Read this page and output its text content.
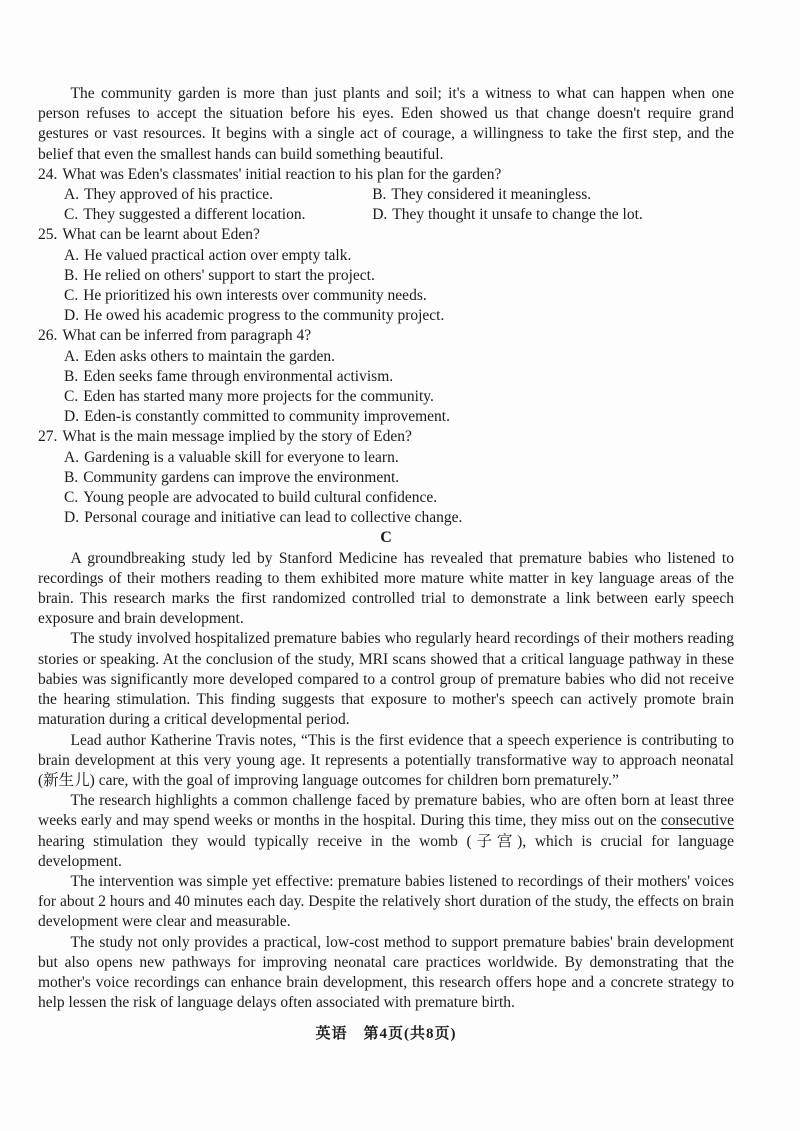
The community garden is more than just plants and soil; it's a witness to what can happen when one person refuses to accept the situation before his eyes. Eden showed us that change doesn't require grand gestures or vast resources. It begins with a single act of courage, a willingness to take the first step, and the belief that even the smallest hands can build something beautiful.

24. What was Eden's classmates' initial reaction to his plan for the garden?
A. They approved of his practice.	B. They considered it meaningless.
C. They suggested a different location.	D. They thought it unsafe to change the lot.
25. What can be learnt about Eden?
A. He valued practical action over empty talk.
B. He relied on others' support to start the project.
C. He prioritized his own interests over community needs.
D. He owed his academic progress to the community project.
26. What can be inferred from paragraph 4?
A. Eden asks others to maintain the garden.
B. Eden seeks fame through environmental activism.
C. Eden has started many more projects for the community.
D. Eden-is constantly committed to community improvement.
27. What is the main message implied by the story of Eden?
A. Gardening is a valuable skill for everyone to learn.
B. Community gardens can improve the environment.
C. Young people are advocated to build cultural confidence.
D. Personal courage and initiative can lead to collective change.
C

A groundbreaking study led by Stanford Medicine has revealed that premature babies who listened to recordings of their mothers reading to them exhibited more mature white matter in key language areas of the brain. This research marks the first randomized controlled trial to demonstrate a link between early speech exposure and brain development.

The study involved hospitalized premature babies who regularly heard recordings of their mothers reading stories or speaking. At the conclusion of the study, MRI scans showed that a critical language pathway in these babies was significantly more developed compared to a control group of premature babies who did not receive the hearing stimulation. This finding suggests that exposure to mother's speech can actively promote brain maturation during a critical developmental period.

Lead author Katherine Travis notes, “This is the first evidence that a speech experience is contributing to brain development at this very young age. It represents a potentially transformative way to approach neonatal (新生儿) care, with the goal of improving language outcomes for children born prematurely.”

The research highlights a common challenge faced by premature babies, who are often born at least three weeks early and may spend weeks or months in the hospital. During this time, they miss out on the consecutive hearing stimulation they would typically receive in the womb (子宫), which is crucial for language development.

The intervention was simple yet effective: premature babies listened to recordings of their mothers' voices for about 2 hours and 40 minutes each day. Despite the relatively short duration of the study, the effects on brain development were clear and measurable.

The study not only provides a practical, low-cost method to support premature babies' brain development but also opens new pathways for improving neonatal care practices worldwide. By demonstrating that the mother's voice recordings can enhance brain development, this research offers hope and a concrete strategy to help lessen the risk of language delays often associated with premature birth.

英语　第4页(共8页)
